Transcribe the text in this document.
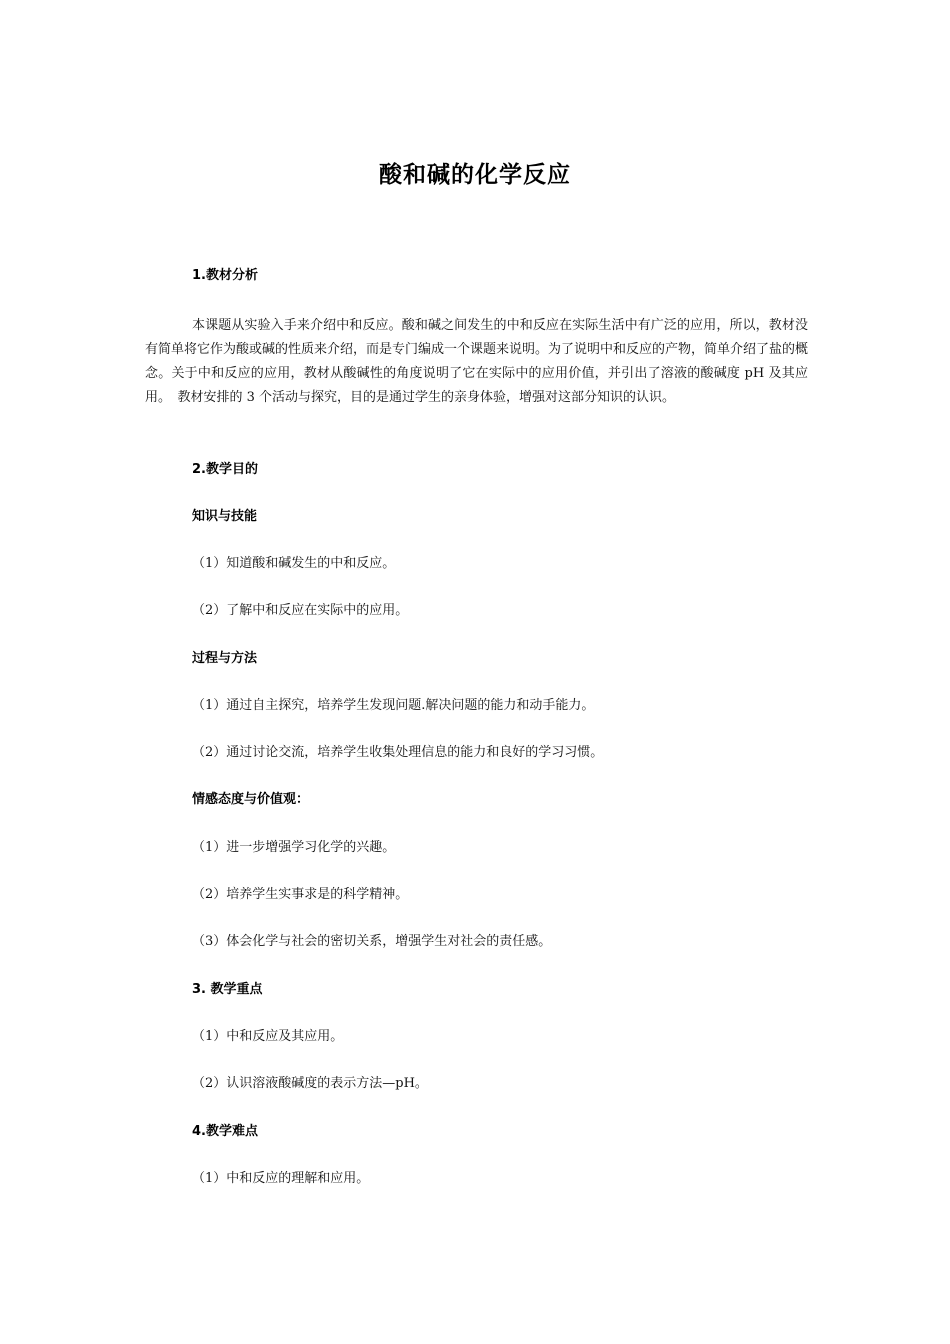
酸和碱的化学反应
1.教材分析

本课题从实验入手来介绍中和反应。酸和碱之间发生的中和反应在实际生活中有广泛的应用，所以，教材没有简单将它作为酸或碱的性质来介绍，而是专门编成一个课题来说明。为了说明中和反应的产物，简单介绍了盐的概念。关于中和反应的应用，教材从酸碱性的角度说明了它在实际中的应用价值，并引出了溶液的酸碱度 pH 及其应用。　教材安排的 3 个活动与探究，目的是通过学生的亲身体验，增强对这部分知识的认识。

2.教学目的
知识与技能
（1）知道酸和碱发生的中和反应。
（2）了解中和反应在实际中的应用。
过程与方法
（1）通过自主探究，培养学生发现问题.解决问题的能力和动手能力。
（2）通过讨论交流，培养学生收集处理信息的能力和良好的学习习惯。
情感态度与价值观：
（1）进一步增强学习化学的兴趣。
（2）培养学生实事求是的科学精神。
（3）体会化学与社会的密切关系，增强学生对社会的责任感。
3. 教学重点
（1）中和反应及其应用。
（2）认识溶液酸碱度的表示方法—pH。
4.教学难点
（1）中和反应的理解和应用。
